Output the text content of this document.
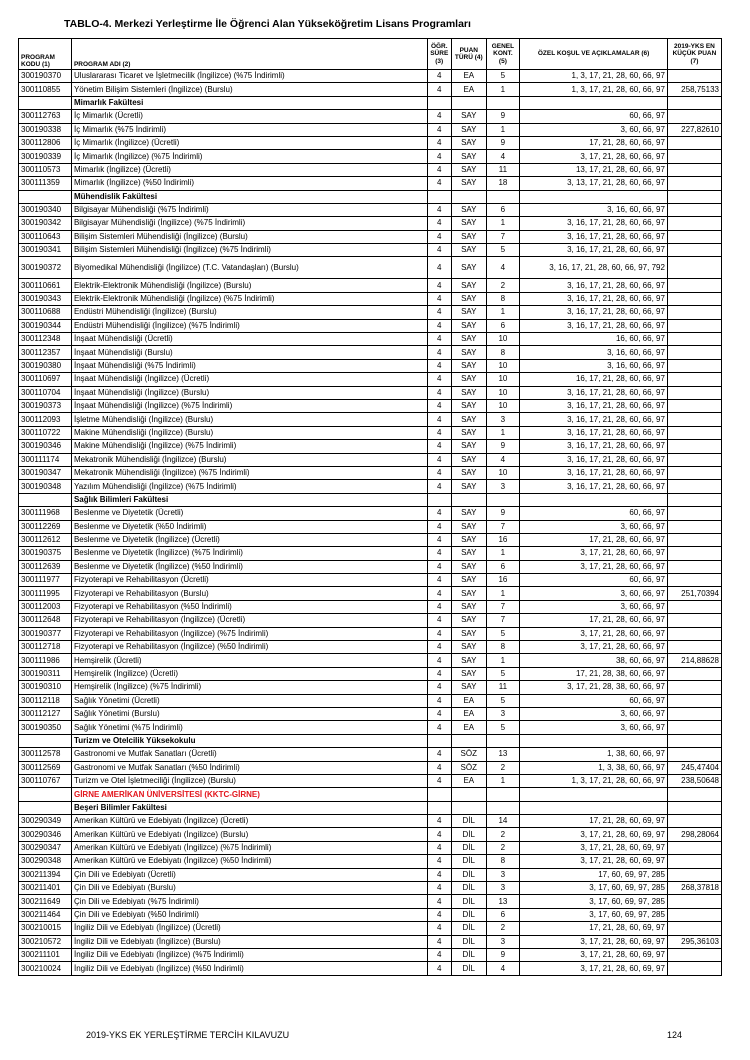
TABLO-4. Merkezi Yerleştirme İle Öğrenci Alan Yükseköğretim Lisans Programları
PROGRAM KODU (1)	PROGRAM ADI (2)	ÖĞR. SÜRE (3)	PUAN TÜRÜ (4)	GENEL KONT. (5)	ÖZEL KOŞUL VE AÇIKLAMALAR (6)	2019-YKS EN KÜÇÜK PUAN (7)
300190370	Uluslararası Ticaret ve İşletmecilik (İngilizce) (%75 İndirimli)	4	EA	5	1, 3, 17, 21, 28, 60, 66, 97	
300110855	Yönetim Bilişim Sistemleri (İngilizce) (Burslu)	4	EA	1	1, 3, 17, 21, 28, 60, 66, 97	258,75133
	Mimarlık Fakültesi					
300112763	İç Mimarlık (Ücretli)	4	SAY	9	60, 66, 97	
300190338	İç Mimarlık (%75 İndirimli)	4	SAY	1	3, 60, 66, 97	227,82610
300112806	İç Mimarlık (İngilizce) (Ücretli)	4	SAY	9	17, 21, 28, 60, 66, 97	
300190339	İç Mimarlık (İngilizce) (%75 İndirimli)	4	SAY	4	3, 17, 21, 28, 60, 66, 97	
300110573	Mimarlık (İngilizce) (Ücretli)	4	SAY	11	13, 17, 21, 28, 60, 66, 97	
300111359	Mimarlık (İngilizce) (%50 İndirimli)	4	SAY	18	3, 13, 17, 21, 28, 60, 66, 97	
	Mühendislik Fakültesi					
300190340	Bilgisayar Mühendisliği (%75 İndirimli)	4	SAY	6	3, 16, 60, 66, 97	
300190342	Bilgisayar Mühendisliği (İngilizce) (%75 İndirimli)	4	SAY	1	3, 16, 17, 21, 28, 60, 66, 97	
300110643	Bilişim Sistemleri Mühendisliği (İngilizce) (Burslu)	4	SAY	7	3, 16, 17, 21, 28, 60, 66, 97	
300190341	Bilişim Sistemleri Mühendisliği (İngilizce) (%75 İndirimli)	4	SAY	5	3, 16, 17, 21, 28, 60, 66, 97	
300190372	Biyomedikal Mühendisliği (İngilizce) (T.C. Vatandaşları) (Burslu)	4	SAY	4	3, 16, 17, 21, 28, 60, 66, 97, 792	
300110661	Elektrik-Elektronik Mühendisliği (İngilizce) (Burslu)	4	SAY	2	3, 16, 17, 21, 28, 60, 66, 97	
300190343	Elektrik-Elektronik Mühendisliği (İngilizce) (%75 İndirimli)	4	SAY	8	3, 16, 17, 21, 28, 60, 66, 97	
300110688	Endüstri Mühendisliği (İngilizce) (Burslu)	4	SAY	1	3, 16, 17, 21, 28, 60, 66, 97	
300190344	Endüstri Mühendisliği (İngilizce) (%75 İndirimli)	4	SAY	6	3, 16, 17, 21, 28, 60, 66, 97	
300112348	İnşaat Mühendisliği (Ücretli)	4	SAY	10	16, 60, 66, 97	
300112357	İnşaat Mühendisliği (Burslu)	4	SAY	8	3, 16, 60, 66, 97	
300190380	İnşaat Mühendisliği (%75 İndirimli)	4	SAY	10	3, 16, 60, 66, 97	
300110697	İnşaat Mühendisliği (İngilizce) (Ücretli)	4	SAY	10	16, 17, 21, 28, 60, 66, 97	
300110704	İnşaat Mühendisliği (İngilizce) (Burslu)	4	SAY	10	3, 16, 17, 21, 28, 60, 66, 97	
300190373	İnşaat Mühendisliği (İngilizce) (%75 İndirimli)	4	SAY	10	3, 16, 17, 21, 28, 60, 66, 97	
300112093	İşletme Mühendisliği (İngilizce) (Burslu)	4	SAY	3	3, 16, 17, 21, 28, 60, 66, 97	
300110722	Makine Mühendisliği (İngilizce) (Burslu)	4	SAY	1	3, 16, 17, 21, 28, 60, 66, 97	
300190346	Makine Mühendisliği (İngilizce) (%75 İndirimli)	4	SAY	9	3, 16, 17, 21, 28, 60, 66, 97	
300111174	Mekatronik Mühendisliği (İngilizce) (Burslu)	4	SAY	4	3, 16, 17, 21, 28, 60, 66, 97	
300190347	Mekatronik Mühendisliği (İngilizce) (%75 İndirimli)	4	SAY	10	3, 16, 17, 21, 28, 60, 66, 97	
300190348	Yazılım Mühendisliği (İngilizce) (%75 İndirimli)	4	SAY	3	3, 16, 17, 21, 28, 60, 66, 97	
	Sağlık Bilimleri Fakültesi					
300111968	Beslenme ve Diyetetik (Ücretli)	4	SAY	9	60, 66, 97	
300112269	Beslenme ve Diyetetik (%50 İndirimli)	4	SAY	7	3, 60, 66, 97	
300112612	Beslenme ve Diyetetik (İngilizce) (Ücretli)	4	SAY	16	17, 21, 28, 60, 66, 97	
300190375	Beslenme ve Diyetetik (İngilizce) (%75 İndirimli)	4	SAY	1	3, 17, 21, 28, 60, 66, 97	
300112639	Beslenme ve Diyetetik (İngilizce) (%50 İndirimli)	4	SAY	6	3, 17, 21, 28, 60, 66, 97	
300111977	Fizyoterapi ve Rehabilitasyon (Ücretli)	4	SAY	16	60, 66, 97	
300111995	Fizyoterapi ve Rehabilitasyon (Burslu)	4	SAY	1	3, 60, 66, 97	251,70394
300112003	Fizyoterapi ve Rehabilitasyon (%50 İndirimli)	4	SAY	7	3, 60, 66, 97	
300112648	Fizyoterapi ve Rehabilitasyon (İngilizce) (Ücretli)	4	SAY	7	17, 21, 28, 60, 66, 97	
300190377	Fizyoterapi ve Rehabilitasyon (İngilizce) (%75 İndirimli)	4	SAY	5	3, 17, 21, 28, 60, 66, 97	
300112718	Fizyoterapi ve Rehabilitasyon (İngilizce) (%50 İndirimli)	4	SAY	8	3, 17, 21, 28, 60, 66, 97	
300111986	Hemşirelik (Ücretli)	4	SAY	1	38, 60, 66, 97	214,88628
300190311	Hemşirelik (İngilizce) (Ücretli)	4	SAY	5	17, 21, 28, 38, 60, 66, 97	
300190310	Hemşirelik (İngilizce) (%75 İndirimli)	4	SAY	11	3, 17, 21, 28, 38, 60, 66, 97	
300112118	Sağlık Yönetimi (Ücretli)	4	EA	5	60, 66, 97	
300112127	Sağlık Yönetimi (Burslu)	4	EA	3	3, 60, 66, 97	
300190350	Sağlık Yönetimi (%75 İndirimli)	4	EA	5	3, 60, 66, 97	
	Turizm ve Otelcilik Yüksekokulu					
300112578	Gastronomi ve Mutfak Sanatları (Ücretli)	4	SÖZ	13	1, 38, 60, 66, 97	
300112569	Gastronomi ve Mutfak Sanatları (%50 İndirimli)	4	SÖZ	2	1, 3, 38, 60, 66, 97	245,47404
300110767	Turizm ve Otel İşletmeciliği (İngilizce) (Burslu)	4	EA	1	1, 3, 17, 21, 28, 60, 66, 97	238,50648
	GİRNE AMERİKAN ÜNİVERSİTESİ (KKTC-GİRNE)					
	Beşeri Bilimler Fakültesi					
300290349	Amerikan Kültürü ve Edebiyatı (İngilizce) (Ücretli)	4	DİL	14	17, 21, 28, 60, 69, 97	
300290346	Amerikan Kültürü ve Edebiyatı (İngilizce) (Burslu)	4	DİL	2	3, 17, 21, 28, 60, 69, 97	298,28064
300290347	Amerikan Kültürü ve Edebiyatı (İngilizce) (%75 İndirimli)	4	DİL	2	3, 17, 21, 28, 60, 69, 97	
300290348	Amerikan Kültürü ve Edebiyatı (İngilizce) (%50 İndirimli)	4	DİL	8	3, 17, 21, 28, 60, 69, 97	
300211394	Çin Dili ve Edebiyatı (Ücretli)	4	DİL	3	17, 60, 69, 97, 285	
300211401	Çin Dili ve Edebiyatı (Burslu)	4	DİL	3	3, 17, 60, 69, 97, 285	268,37818
300211649	Çin Dili ve Edebiyatı (%75 İndirimli)	4	DİL	13	3, 17, 60, 69, 97, 285	
300211464	Çin Dili ve Edebiyatı (%50 İndirimli)	4	DİL	6	3, 17, 60, 69, 97, 285	
300210015	İngiliz Dili ve Edebiyatı (İngilizce) (Ücretli)	4	DİL	2	17, 21, 28, 60, 69, 97	
300210572	İngiliz Dili ve Edebiyatı (İngilizce) (Burslu)	4	DİL	3	3, 17, 21, 28, 60, 69, 97	295,36103
300211101	İngiliz Dili ve Edebiyatı (İngilizce) (%75 İndirimli)	4	DİL	9	3, 17, 21, 28, 60, 69, 97	
300210024	İngiliz Dili ve Edebiyatı (İngilizce) (%50 İndirimli)	4	DİL	4	3, 17, 21, 28, 60, 69, 97	
2019-YKS EK YERLEŞTİRME TERCİH KILAVUZU	124
